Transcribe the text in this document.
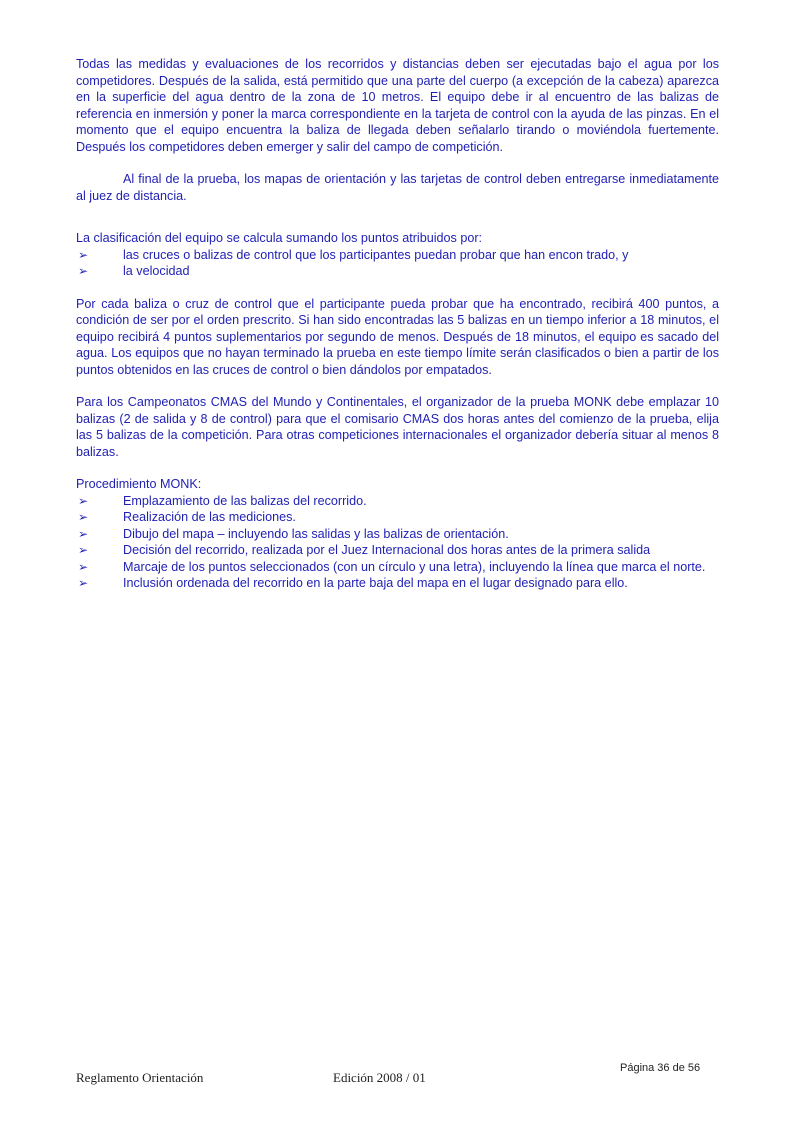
Todas las medidas y evaluaciones de los recorridos y distancias deben ser ejecutadas bajo el agua por los competidores. Después de la salida, está permitido que una parte del cuerpo (a excepción de la cabeza) aparezca en la superficie del agua dentro de la zona de 10 metros. El equipo debe ir al encuentro de las balizas de referencia en inmersión y poner la marca correspondiente en la tarjeta de control con la ayuda de las pinzas. En el momento que el equipo encuentra la baliza de llegada deben señalarlo tirando o moviéndola fuertemente. Después los competidores deben emerger y salir del campo de competición.

Al final de la prueba, los mapas de orientación y las tarjetas de control deben entregarse inmediatamente al juez de distancia.

La clasificación del equipo se calcula sumando los puntos atribuidos por:

➢	las cruces o balizas de control que los participantes puedan probar que han encon trado, y
➢	la velocidad

Por cada baliza o cruz de control que el participante pueda probar que ha encontrado, recibirá 400 puntos, a condición de ser por el orden prescrito. Si han sido encontradas las 5 balizas en un tiempo inferior a 18 minutos, el equipo recibirá 4 puntos suplementarios por segundo de menos. Después de 18 minutos, el equipo es sacado del agua. Los equipos que no hayan terminado la prueba en este tiempo límite serán clasificados o bien a partir de los puntos obtenidos en las cruces de control o bien dándolos por empatados.

Para los Campeonatos CMAS del Mundo y Continentales, el organizador de la prueba MONK debe emplazar 10 balizas (2 de salida y 8 de control) para que el comisario CMAS dos horas antes del comienzo de la prueba, elija las 5 balizas de la competición. Para otras competiciones internacionales el organizador debería situar al menos 8 balizas.

Procedimiento MONK:

➢	Emplazamiento de las balizas del recorrido.
➢	Realización de las mediciones.
➢	Dibujo del mapa – incluyendo las salidas y las balizas de orientación.
➢	Decisión del recorrido, realizada por el Juez Internacional dos horas antes de la primera salida
➢	Marcaje de los puntos seleccionados (con un círculo y una letra), incluyendo la línea que marca el norte.
➢	Inclusión ordenada del recorrido en la parte baja del mapa en el lugar designado para ello.
Reglamento Orientación	Edición 2008 / 01
Página 36 de 56
